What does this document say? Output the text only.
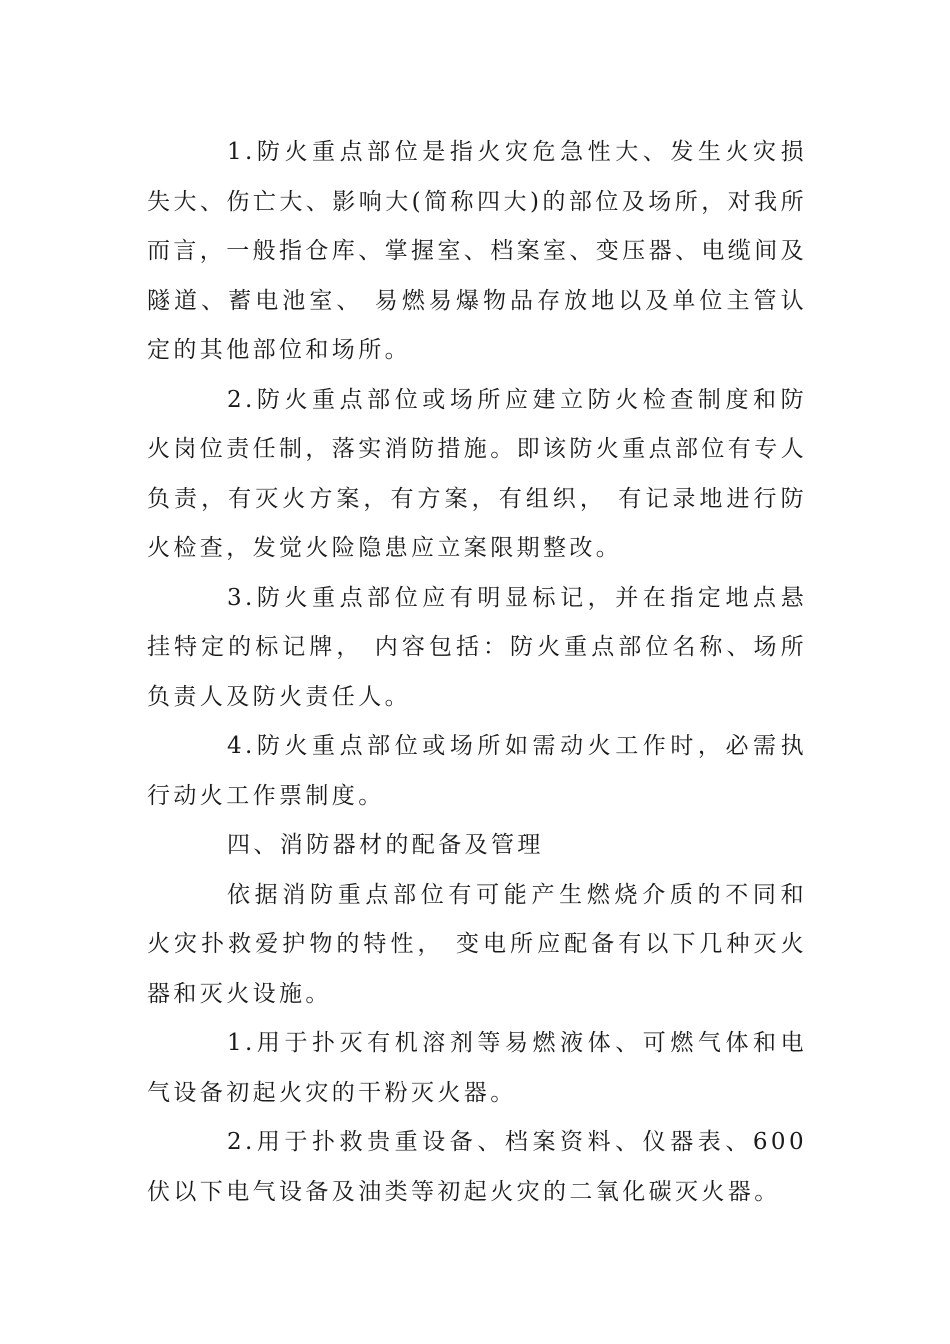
1.防火重点部位是指火灾危急性大、发生火灾损失大、伤亡大、影响大(简称四大)的部位及场所，对我所而言，一般指仓库、掌握室、档案室、变压器、电缆间及隧道、蓄电池室、 易燃易爆物品存放地以及单位主管认定的其他部位和场所。

2.防火重点部位或场所应建立防火检查制度和防火岗位责任制，落实消防措施。即该防火重点部位有专人负责，有灭火方案，有方案，有组织， 有记录地进行防火检查，发觉火险隐患应立案限期整改。

3.防火重点部位应有明显标记，并在指定地点悬挂特定的标记牌， 内容包括：防火重点部位名称、场所负责人及防火责任人。

4.防火重点部位或场所如需动火工作时，必需执行动火工作票制度。

四、消防器材的配备及管理

依据消防重点部位有可能产生燃烧介质的不同和火灾扑救爱护物的特性， 变电所应配备有以下几种灭火器和灭火设施。

1.用于扑灭有机溶剂等易燃液体、可燃气体和电气设备初起火灾的干粉灭火器。

2.用于扑救贵重设备、档案资料、仪器表、600伏以下电气设备及油类等初起火灾的二氧化碳灭火器。
